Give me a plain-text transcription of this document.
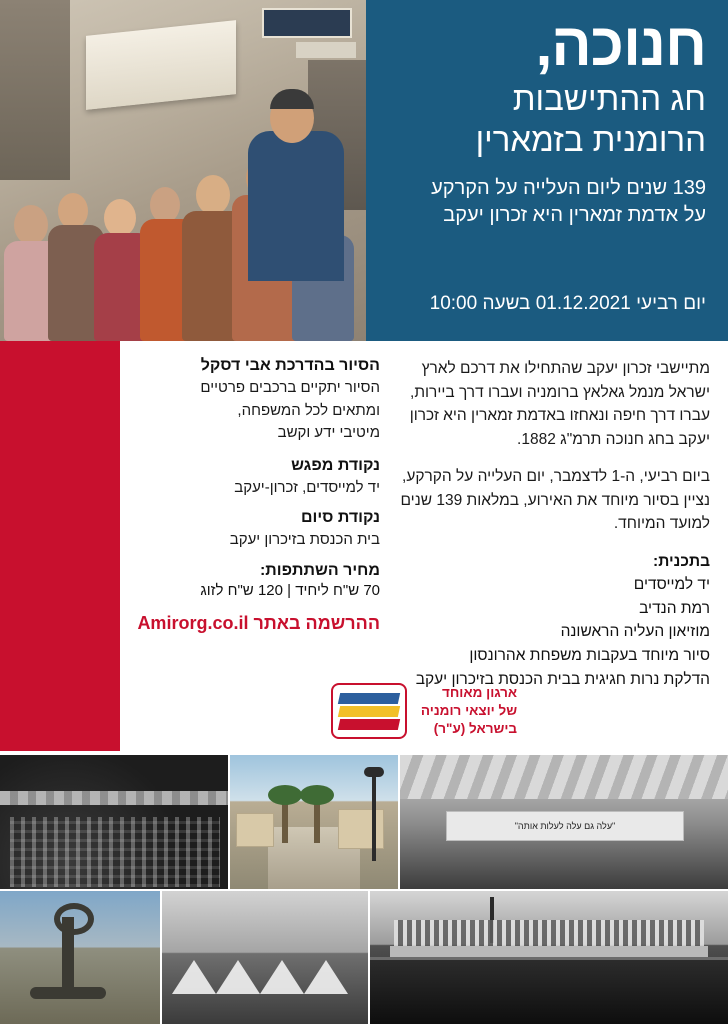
חנוכה,
חג ההתישבות
הרומנית בזמארין
139 שנים ליום העלייה על הקרקע
על אדמת זמארין היא זכרון יעקב
יום רביעי 01.12.2021 בשעה 10:00

מתיישבי זכרון יעקב שהתחילו את דרכם לארץ ישראל מנמל גאלאץ ברומניה ועברו דרך ביירות, עברו דרך חיפה ונאחזו באדמת זמארין היא זכרון יעקב בחג חנוכה תרמ"ג 1882.

ביום רביעי, ה-1 לדצמבר, יום העלייה על הקרקע, נציין בסיור מיוחד את האירוע, במלאות 139 שנים למועד המיוחד.

בתכנית:

יד למייסדים
רמת הנדיב
מוזיאון העליה הראשונה
סיור מיוחד בעקבות משפחת אהרונסון
הדלקת נרות חגיגית בבית הכנסת בזיכרון יעקב
הסיור בהדרכת אבי דסקל
הסיור יתקיים ברכבים פרטיים
ומתאים לכל המשפחה,
מיטיבי ידע וקשב
נקודת מפגש
יד למייסדים, זכרון-יעקב
נקודת סיום
בית הכנסת בזיכרון יעקב
מחיר השתתפות:
70 ש"ח ליחיד | 120 ש"ח לזוג
ההרשמה באתר Amirorg.co.il
ארגון מאוחד
של יוצאי רומניה
בישראל (ע"ר)
"עלה גם עלה לעלות אותה"
